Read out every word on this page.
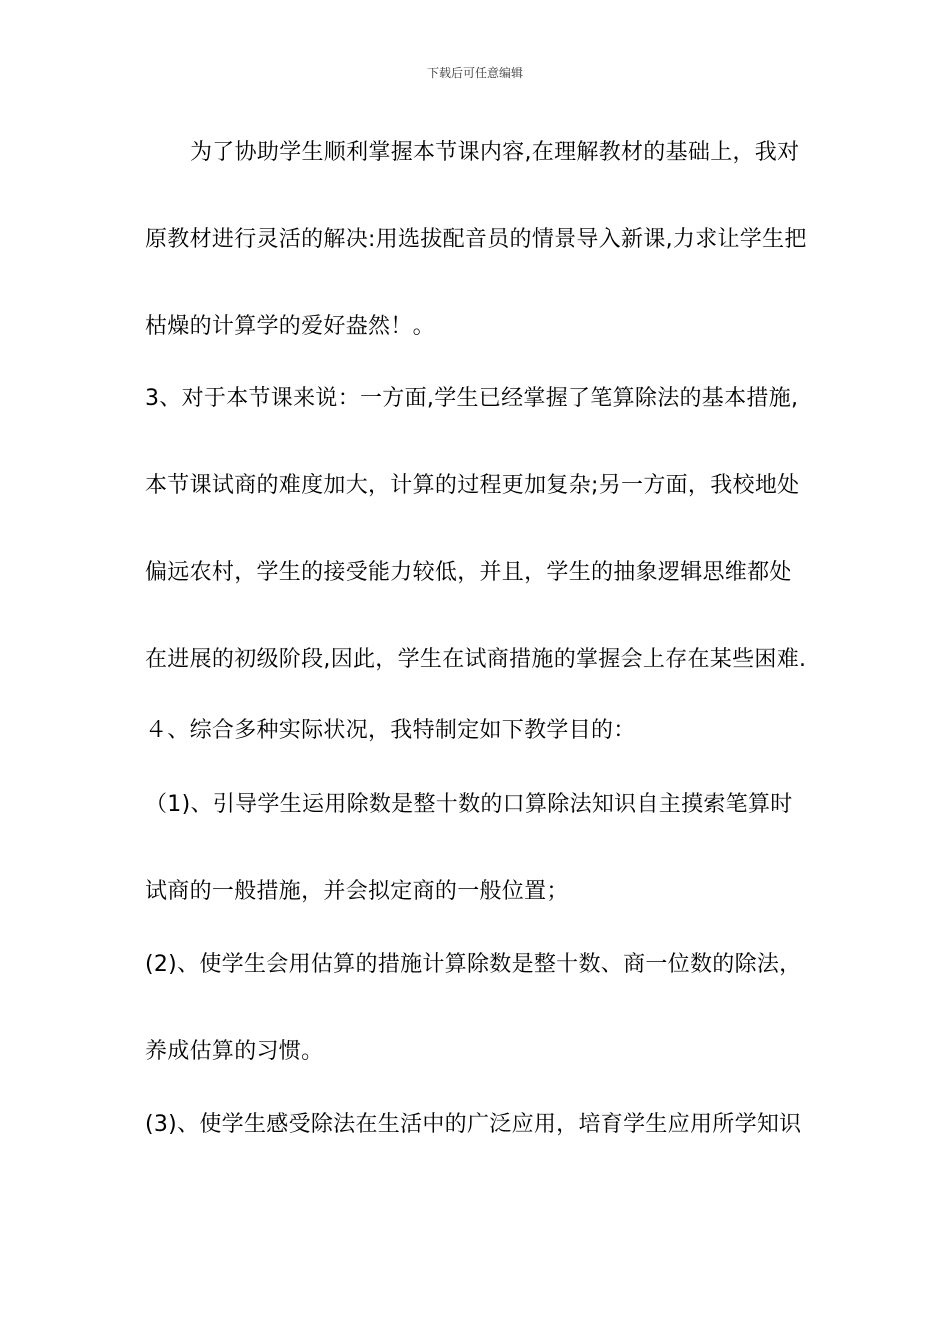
下载后可任意编辑
为了协助学生顺利掌握本节课内容,在理解教材的基础上，我对
原教材进行灵活的解决:用选拔配音员的情景导入新课,力求让学生把
枯燥的计算学的爱好盎然！。
3、对于本节课来说：一方面,学生已经掌握了笔算除法的基本措施,
本节课试商的难度加大，计算的过程更加复杂;另一方面，我校地处
偏远农村，学生的接受能力较低，并且，学生的抽象逻辑思维都处
在进展的初级阶段,因此，学生在试商措施的掌握会上存在某些困难.
４、综合多种实际状况，我特制定如下教学目的：
（1)、引导学生运用除数是整十数的口算除法知识自主摸索笔算时
试商的一般措施，并会拟定商的一般位置；
(2)、使学生会用估算的措施计算除数是整十数、商一位数的除法，
养成估算的习惯。
(3)、使学生感受除法在生活中的广泛应用，培育学生应用所学知识
